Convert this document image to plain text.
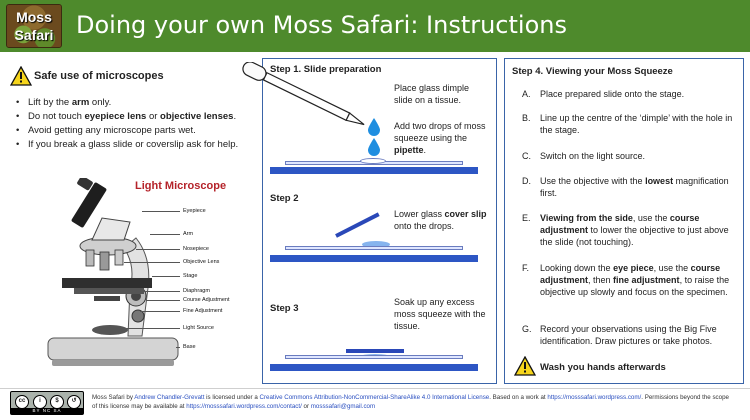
Moss
Safari Doing your own Moss Safari: Instructions
Safe use of microscopes
• Lift by the arm only.
• Do not touch eyepiece lens or objective lenses.
• Avoid getting any microscope parts wet.
• If you break a glass slide or coverslip ask for help.
Light Microscope
Eyepiece
Arm
Nosepiece
Objective Lens
Stage
Diaphragm
Course Adjustment
Fine Adjustment
Light Source
Base
Step 1. Slide preparation
Place glass dimple slide on a tissue.
Add two drops of moss squeeze using the pipette.
Step 2
Lower glass cover slip onto the drops.
Step 3
Soak up any excess moss squeeze with the tissue.
Step 4. Viewing your Moss Squeeze
A. Place prepared slide onto the stage.
B. Line up the centre of the ‘dimple’ with the hole in the stage.
C. Switch on the light source.
D. Use the objective with the lowest magnification first.
E. Viewing from the side, use the course adjustment to lower the objective to just above the slide (not touching).
F. Looking down the eye piece, use the course adjustment, then fine adjustment, to raise the objective up slowly and focus on the specimen.
G. Record your observations using the Big Five identification. Draw pictures or take photos.
Wash you hands afterwards
cc	i	$	↺
BY NC SA
Moss Safari by Andrew Chandler-Grevatt is licensed under a Creative Commons Attribution-NonCommercial-ShareAlike 4.0 International License. Based on a work at https://mosssafari.wordpress.com/. Permissions beyond the scope of this license may be available at https://mosssafari.wordpress.com/contact/ or mosssafari@gmail.com
